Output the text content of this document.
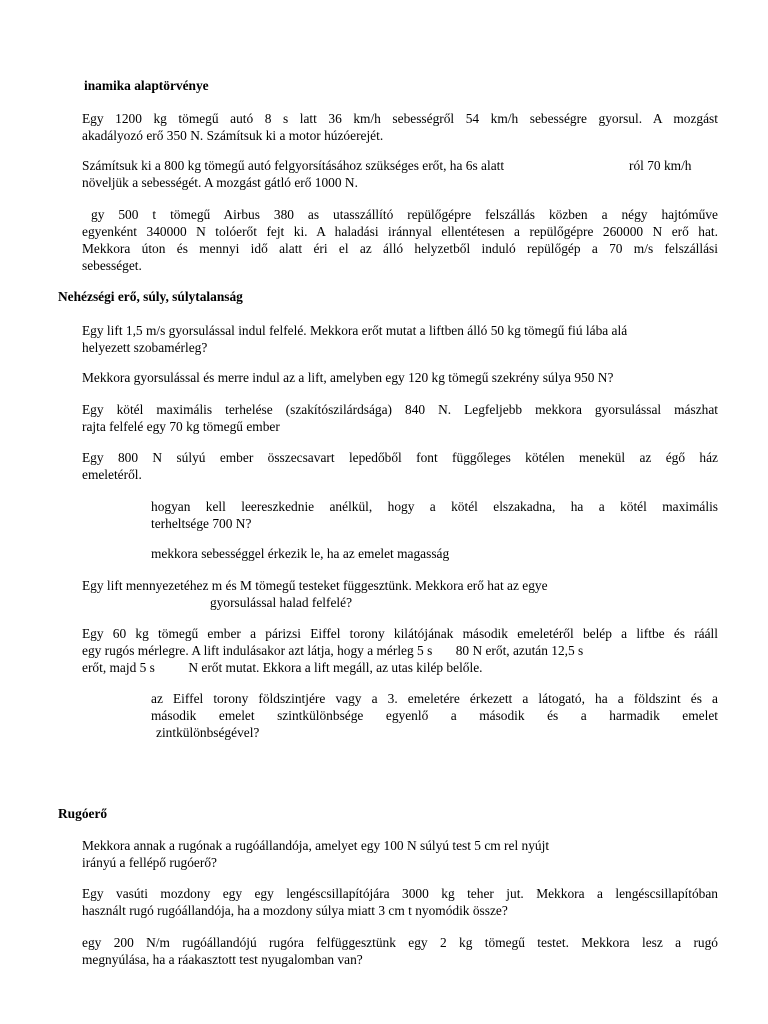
inamika alaptörvénye
Egy 1200 kg tömegű autó 8 s latt 36 km/h sebességről 54 km/h sebességre gyorsul. A mozgást
akadályozó erő 350 N. Számítsuk ki a motor húzóerejét.
Számítsuk ki a 800 kg tömegű autó felgyorsításához szükséges erőt, ha 6s alatt	ról 70 km/h
növeljük a sebességét. A mozgást gátló erő 1000 N.
gy 500 t tömegű Airbus 380 as utasszállító repülőgépre felszállás közben a négy hajtóműve
egyenként 340000 N tolóerőt fejt ki. A haladási iránnyal ellentétesen a repülőgépre 260000 N erő hat.
Mekkora úton és mennyi idő alatt éri el az álló helyzetből induló repülőgép a 70 m/s felszállási
sebességet.
Nehézségi erő, súly, súlytalanság
Egy lift 1,5 m/s gyorsulással indul felfelé. Mekkora erőt mutat a liftben álló 50 kg tömegű fiú lába alá
helyezett szobamérleg?
Mekkora gyorsulással és merre indul az a lift, amelyben egy 120 kg tömegű szekrény súlya 950 N?
Egy kötél maximális terhelése (szakítószilárdsága) 840 N. Legfeljebb mekkora gyorsulással mászhat
rajta felfelé egy 70 kg tömegű ember
Egy 800 N súlyú ember összecsavart lepedőből font függőleges kötélen menekül az égő ház
emeletéről.
hogyan kell leereszkednie anélkül, hogy a kötél elszakadna, ha a kötél maximális
terheltsége 700 N?
mekkora sebességgel érkezik le, ha az emelet magasság
Egy lift mennyezetéhez m és M tömegű testeket függesztünk. Mekkora erő hat az egye
gyorsulással halad felfelé?
Egy 60 kg tömegű ember a párizsi Eiffel torony kilátójának második emeletéről belép a liftbe és rááll
egy rugós mérlegre. A lift indulásakor azt látja, hogy a mérleg 5 s       80 N erőt, azután 12,5 s
erőt, majd 5 s          N erőt mutat. Ekkora a lift megáll, az utas kilép belőle.
az Eiffel torony földszintjére vagy a 3. emeletére érkezett a látogató, ha a földszint és a
második emelet szintkülönbsége egyenlő a második és a harmadik emelet
zintkülönbségével?
Rugóerő
Mekkora annak a rugónak a rugóállandója, amelyet egy 100 N súlyú test 5 cm rel nyújt
irányú a fellépő rugóerő?
Egy vasúti mozdony egy egy lengéscsillapítójára 3000 kg teher jut. Mekkora a lengéscsillapítóban
használt rugó rugóállandója, ha a mozdony súlya miatt 3 cm t nyomódik össze?
egy 200 N/m rugóállandójú rugóra felfüggesztünk egy 2 kg tömegű testet. Mekkora lesz a rugó
megnyúlása, ha a ráakasztott test nyugalomban van?
